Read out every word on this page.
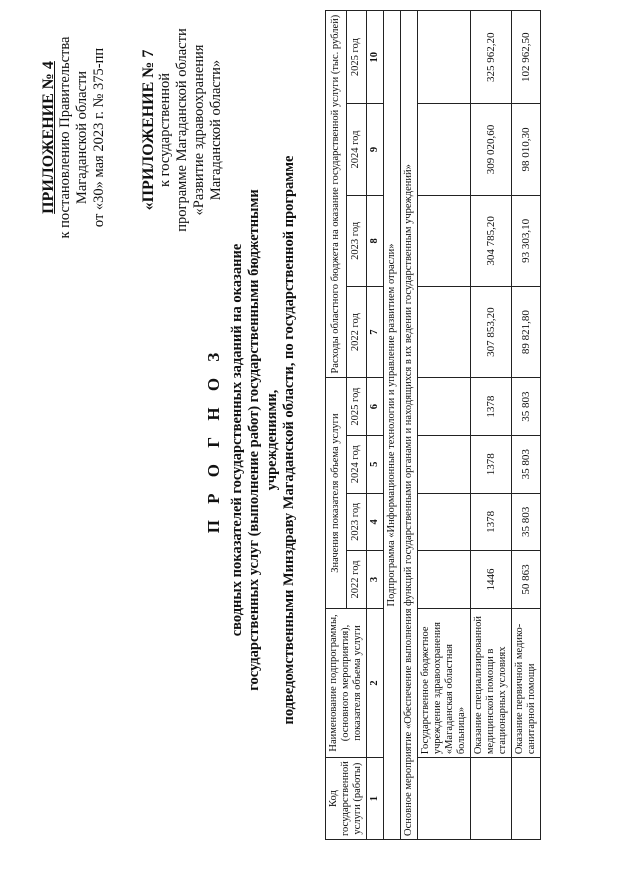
ПРИЛОЖЕНИЕ № 4 к постановлению Правительства Магаданской области от «30» мая 2023 г. № 375-пп «ПРИЛОЖЕНИЕ № 7 к государственной программе Магаданской области «Развитие здравоохранения Магаданской области»
П Р О Г Н О З сводных показателей государственных заданий на оказание государственных услуг (выполнение работ) государственными бюджетными учреждениями, подведомственными Минздраву Магаданской области, по государственной программе
Код государственной услуги (работы)	Наименование подпрограммы, (основного мероприятия), показателя объема услуги	Значения показателя объема услуги				Расходы областного бюджета на оказание государственной услуги (тыс. рублей)			
		2022 год	2023 год	2024 год	2025 год	2022 год	2023 год	2024 год	2025 год
1	2	3	4	5	6	7	8	9	10
Подпрограмма «Информационные технологии и управление развитием отрасли»									
Основное мероприятие «Обеспечение выполнения функций государственными органами и находящихся в их ведении государственным учреждений»									
	Государственное бюджетное учреждение здравоохранения «Магаданская областная больница»								
	Оказание специализированной медицинской помощи в стационарных условиях	1446	1378	1378	1378	307 853,20	304 785,20	309 020,60	325 962,20
	Оказание первичной медико-санитарной помощи	50 863	35 803	35 803	35 803	89 821,80	93 303,10	98 010,30	102 962,50
